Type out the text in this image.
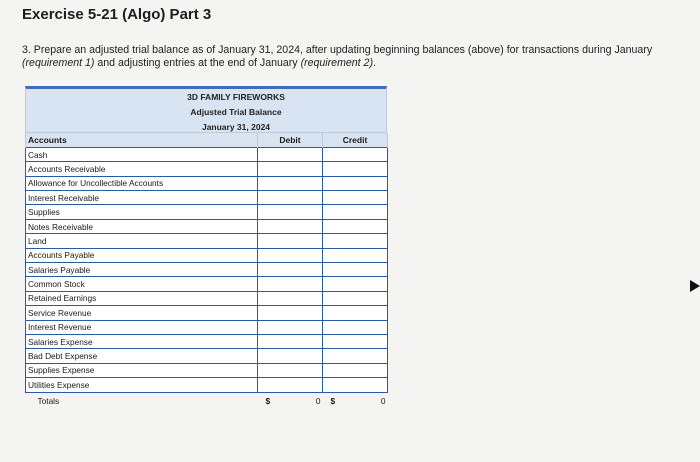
Exercise 5-21 (Algo) Part 3
3. Prepare an adjusted trial balance as of January 31, 2024, after updating beginning balances (above) for transactions during January (requirement 1) and adjusting entries at the end of January (requirement 2).
3D FAMILY FIREWORKS
Adjusted Trial Balance
January 31, 2024
Accounts	Debit	Credit
Cash		
Accounts Receivable		
Allowance for Uncollectible Accounts		
Interest Receivable		
Supplies		
Notes Receivable		
Land		
Accounts Payable		
Salaries Payable		
Common Stock		
Retained Earnings		
Service Revenue		
Interest Revenue		
Salaries Expense		
Bad Debt Expense		
Supplies Expense		
Utilities Expense		
Totals	$ 0	$ 0
